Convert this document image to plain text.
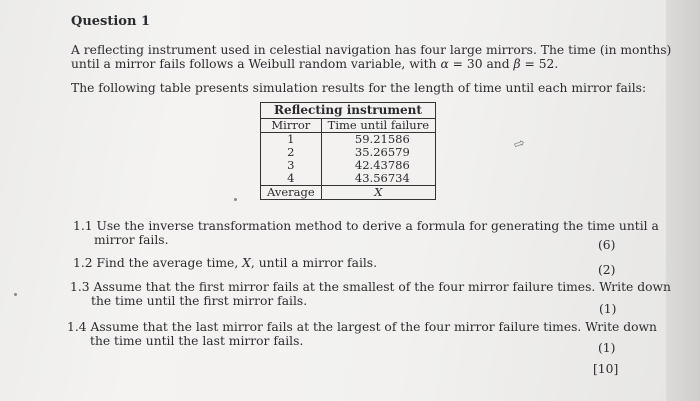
Question 1
A reflecting instrument used in celestial navigation has four large mirrors. The time (in months)
until a mirror fails follows a Weibull random variable, with α = 30 and β = 52.
The following table presents simulation results for the length of time until each mirror fails:
Reflecting instrument	
Mirror	Time until failure
1	59.21586
2	35.26579
3	42.43786
4	43.56734
Average	X
⇨
1.1 Use the inverse transformation method to derive a formula for generating the time until a
mirror fails.	(6)
1.2 Find the average time, X, until a mirror fails.	(2)
1.3 Assume that the first mirror fails at the smallest of the four mirror failure times. Write down
the time until the first mirror fails.
(1)
1.4 Assume that the last mirror fails at the largest of the four mirror failure times. Write down
the time until the last mirror fails.	(1)
[10]
